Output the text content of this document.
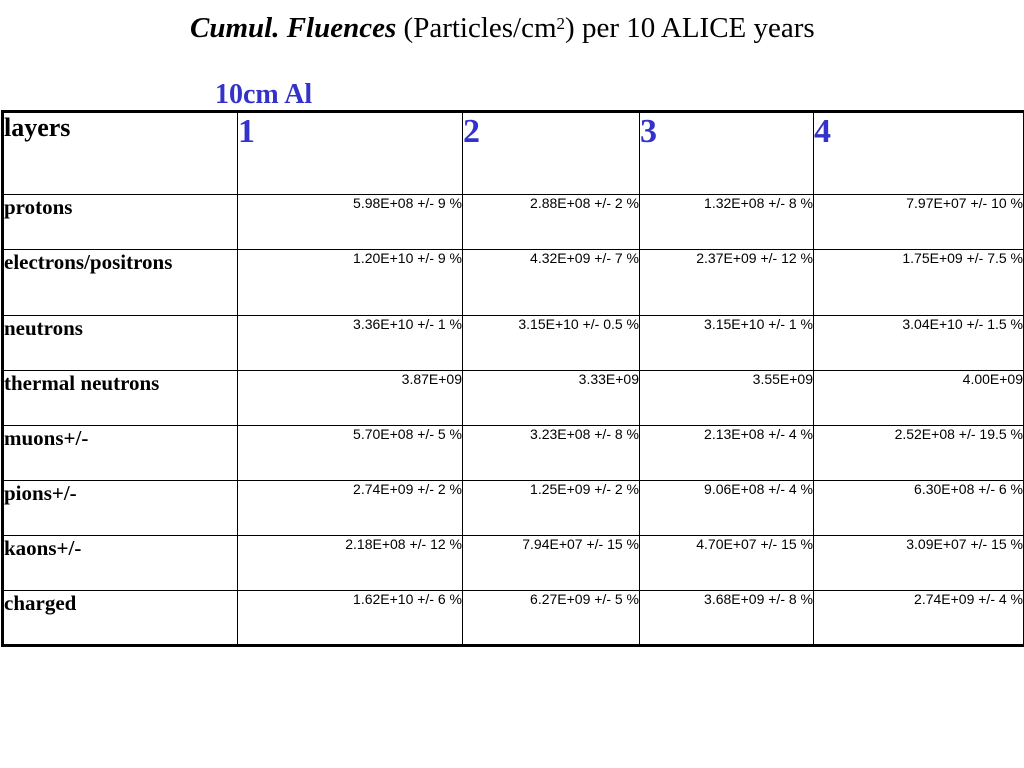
Cumul. Fluences $(Particles/cm^2)$ per 10 ALICE years
10cm Al
layers	1	2	3	4
protons	5.98E+08 +/- 9 %	2.88E+08 +/- 2 %	1.32E+08 +/- 8 %	7.97E+07 +/- 10 %
electrons/positrons	1.20E+10 +/- 9 %	4.32E+09 +/- 7 %	2.37E+09 +/- 12 %	1.75E+09 +/- 7.5 %
neutrons	3.36E+10 +/- 1 %	3.15E+10 +/- 0.5 %	3.15E+10 +/- 1 %	3.04E+10 +/- 1.5 %
thermal neutrons	3.87E+09	3.33E+09	3.55E+09	4.00E+09
muons+/-	5.70E+08 +/- 5 %	3.23E+08 +/- 8 %	2.13E+08 +/- 4 %	2.52E+08 +/- 19.5 %
pions+/-	2.74E+09 +/- 2 %	1.25E+09 +/- 2 %	9.06E+08 +/- 4 %	6.30E+08 +/- 6 %
kaons+/-	2.18E+08 +/- 12 %	7.94E+07 +/- 15 %	4.70E+07 +/- 15 %	3.09E+07 +/- 15 %
charged	1.62E+10 +/- 6 %	6.27E+09 +/- 5 %	3.68E+09 +/- 8 %	2.74E+09 +/- 4 %
